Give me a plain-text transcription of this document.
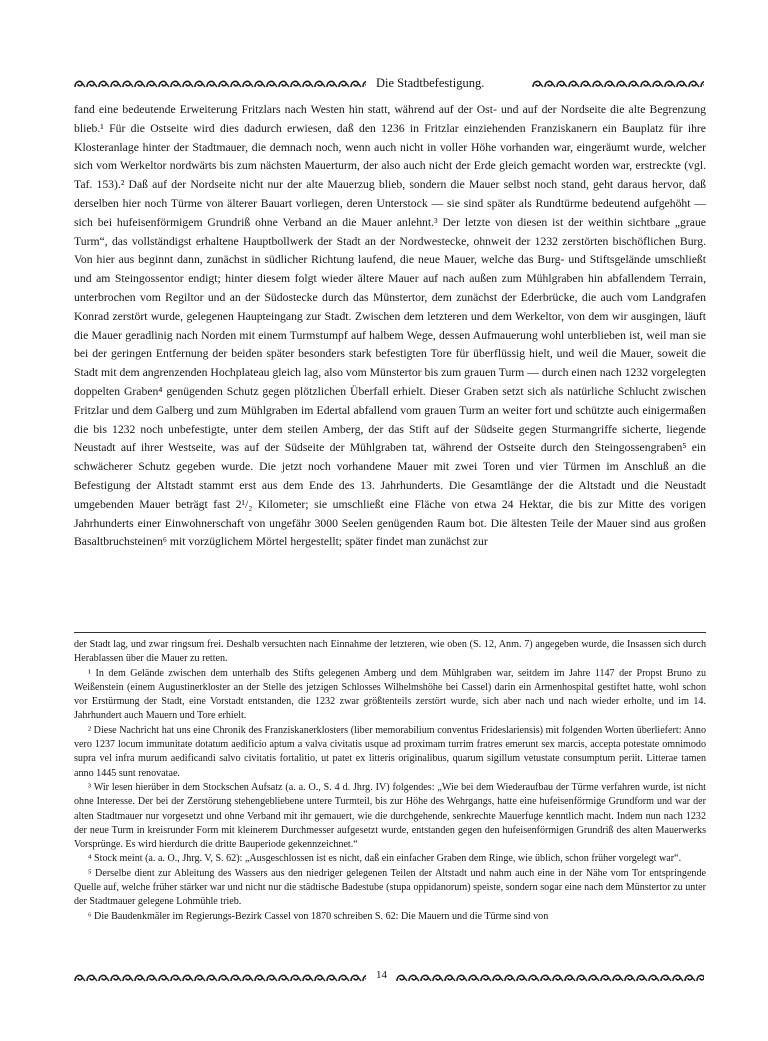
Die Stadtbefestigung.

fand eine bedeutende Erweiterung Fritzlars nach Westen hin statt, während auf der Ost- und auf der Nordseite die alte Begrenzung blieb.¹ Für die Ostseite wird dies dadurch erwiesen, daß den 1236 in Fritzlar einziehenden Franziskanern ein Bauplatz für ihre Klosteranlage hinter der Stadtmauer, die demnach noch, wenn auch nicht in voller Höhe vorhanden war, eingeräumt wurde, welcher sich vom Werkeltor nordwärts bis zum nächsten Mauerturm, der also auch nicht der Erde gleich gemacht worden war, erstreckte (vgl. Taf. 153).² Daß auf der Nordseite nicht nur der alte Mauerzug blieb, sondern die Mauer selbst noch stand, geht daraus hervor, daß derselben hier noch Türme von älterer Bauart vorliegen, deren Unterstock — sie sind später als Rundtürme bedeutend aufgehöht — sich bei hufeisenförmigem Grundriß ohne Verband an die Mauer anlehnt.³ Der letzte von diesen ist der weithin sichtbare „graue Turm“, das vollständigst erhaltene Hauptbollwerk der Stadt an der Nordwestecke, ohnweit der 1232 zerstörten bischöflichen Burg. Von hier aus beginnt dann, zunächst in südlicher Richtung laufend, die neue Mauer, welche das Burg- und Stiftsgelände umschließt und am Steingossentor endigt; hinter diesem folgt wieder ältere Mauer auf nach außen zum Mühlgraben hin abfallendem Terrain, unterbrochen vom Regiltor und an der Südostecke durch das Münstertor, dem zunächst der Ederbrücke, die auch vom Landgrafen Konrad zerstört wurde, gelegenen Haupteingang zur Stadt. Zwischen dem letzteren und dem Werkeltor, von dem wir ausgingen, läuft die Mauer geradlinig nach Norden mit einem Turmstumpf auf halbem Wege, dessen Aufmauerung wohl unterblieben ist, weil man sie bei der geringen Entfernung der beiden später besonders stark befestigten Tore für überflüssig hielt, und weil die Mauer, soweit die Stadt mit dem angrenzenden Hochplateau gleich lag, also vom Münstertor bis zum grauen Turm — durch einen nach 1232 vorgelegten doppelten Graben⁴ genügenden Schutz gegen plötzlichen Überfall erhielt. Dieser Graben setzt sich als natürliche Schlucht zwischen Fritzlar und dem Galberg und zum Mühlgraben im Edertal abfallend vom grauen Turm an weiter fort und schützte auch einigermaßen die bis 1232 noch unbefestigte, unter dem steilen Amberg, der das Stift auf der Südseite gegen Sturmangriffe sicherte, liegende Neustadt auf ihrer Westseite, was auf der Südseite der Mühlgraben tat, während der Ostseite durch den Steingossengraben⁵ ein schwächerer Schutz gegeben wurde. Die jetzt noch vorhandene Mauer mit zwei Toren und vier Türmen im Anschluß an die Befestigung der Altstadt stammt erst aus dem Ende des 13. Jahrhunderts. Die Gesamtlänge der die Altstadt und die Neustadt umgebenden Mauer beträgt fast 2¹/₂ Kilometer; sie umschließt eine Fläche von etwa 24 Hektar, die bis zur Mitte des vorigen Jahrhunderts einer Einwohnerschaft von ungefähr 3000 Seelen genügenden Raum bot. Die ältesten Teile der Mauer sind aus großen Basaltbruchsteinen⁶ mit vorzüglichem Mörtel hergestellt; später findet man zunächst zur

der Stadt lag, und zwar ringsum frei. Deshalb versuchten nach Einnahme der letzteren, wie oben (S. 12, Anm. 7) angegeben wurde, die Insassen sich durch Herablassen über die Mauer zu retten.

¹ In dem Gelände zwischen dem unterhalb des Stifts gelegenen Amberg und dem Mühlgraben war, seitdem im Jahre 1147 der Propst Bruno zu Weißenstein (einem Augustinerkloster an der Stelle des jetzigen Schlosses Wilhelmshöhe bei Cassel) darin ein Armenhospital gestiftet hatte, wohl schon vor Erstürmung der Stadt, eine Vorstadt entstanden, die 1232 zwar größtenteils zerstört wurde, sich aber nach und nach wieder erholte, und im 14. Jahrhundert auch Mauern und Tore erhielt.

² Diese Nachricht hat uns eine Chronik des Franziskanerklosters (liber memorabilium conventus Frideslariensis) mit folgenden Worten überliefert: Anno vero 1237 locum immunitate dotatum aedificio aptum a valva civitatis usque ad proximam turrim fratres emerunt sex marcis, accepta potestate omnimodo supra vel infra murum aedificandi salvo civitatis fortalitio, ut patet ex litteris originalibus, quarum sigillum vetustate consumptum periit. Litterae tamen anno 1445 sunt renovatae.

³ Wir lesen hierüber in dem Stockschen Aufsatz (a. a. O., S. 4 d. Jhrg. IV) folgendes: „Wie bei dem Wiederaufbau der Türme verfahren wurde, ist nicht ohne Interesse. Der bei der Zerstörung stehengebliebene untere Turmteil, bis zur Höhe des Wehrgangs, hatte eine hufeisenförmige Grundform und war der alten Stadtmauer nur vorgesetzt und ohne Verband mit ihr gemauert, wie die durchgehende, senkrechte Mauerfuge kenntlich macht. Indem nun nach 1232 der neue Turm in kreisrunder Form mit kleinerem Durchmesser aufgesetzt wurde, entstanden gegen den hufeisenförmigen Grundriß des alten Mauerwerks Vorsprünge. Es wird hierdurch die dritte Bauperiode gekennzeichnet.“

⁴ Stock meint (a. a. O., Jhrg. V, S. 62): „Ausgeschlossen ist es nicht, daß ein einfacher Graben dem Ringe, wie üblich, schon früher vorgelegt war“.

⁵ Derselbe dient zur Ableitung des Wassers aus den niedriger gelegenen Teilen der Altstadt und nahm auch eine in der Nähe vom Tor entspringende Quelle auf, welche früher stärker war und nicht nur die städtische Badestube (stupa oppidanorum) speiste, sondern sogar eine nach dem Münstertor zu unter der Stadtmauer gelegene Lohmühle trieb.

⁶ Die Baudenkmäler im Regierungs-Bezirk Cassel von 1870 schreiben S. 62: Die Mauern und die Türme sind von

14
